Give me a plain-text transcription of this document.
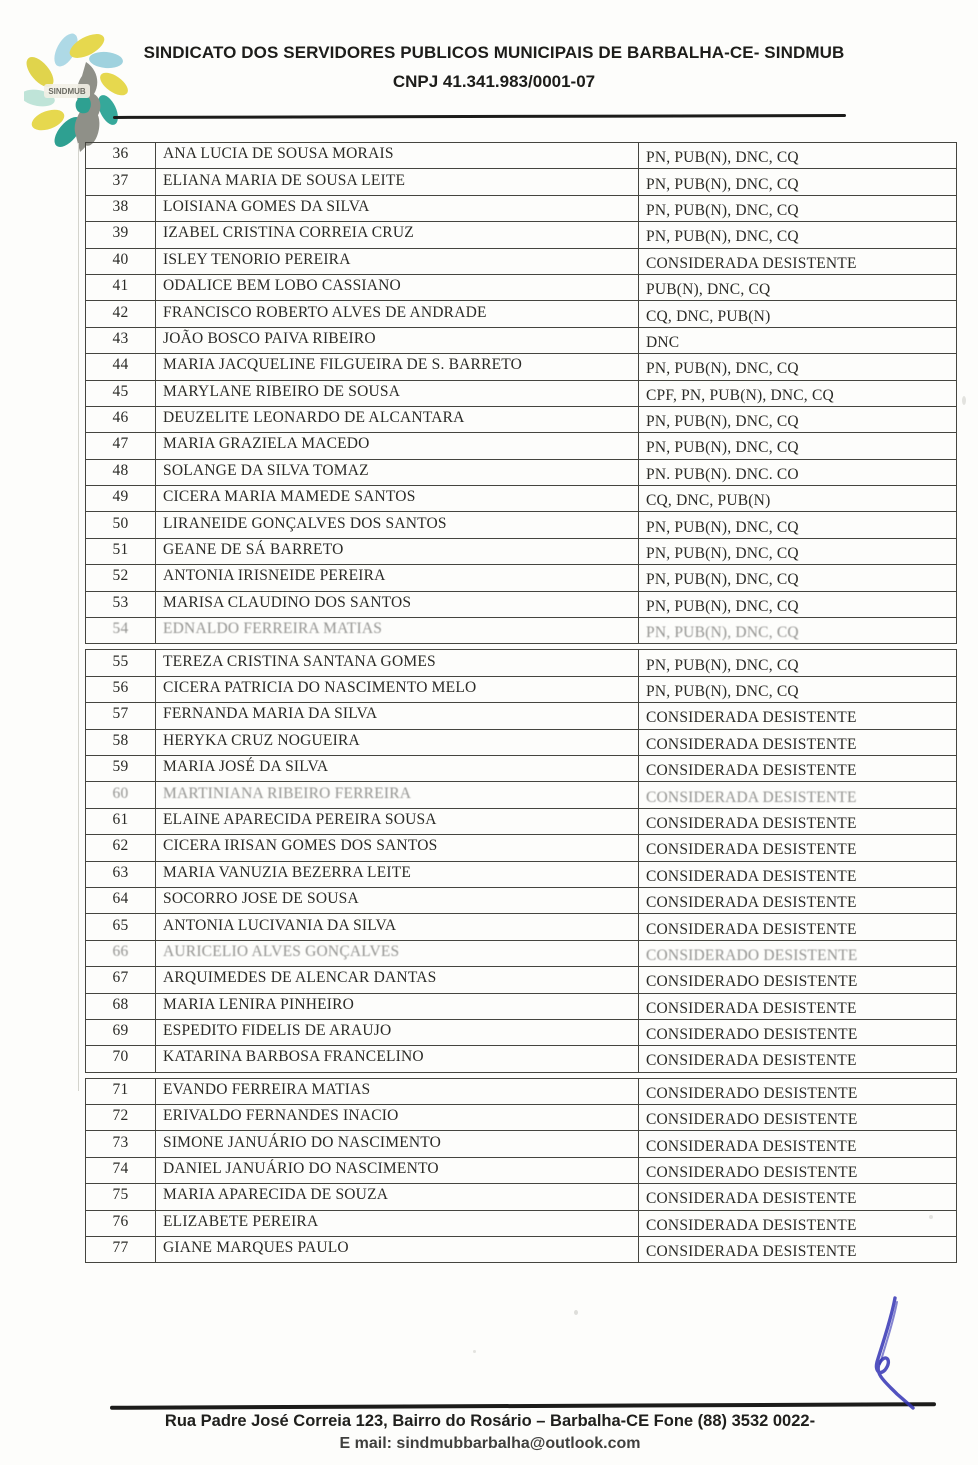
SINDMUB
SINDICATO DOS SERVIDORES PUBLICOS MUNICIPAIS DE BARBALHA-CE- SINDMUB
CNPJ 41.341.983/0001-07
36	ANA LUCIA DE SOUSA MORAIS	PN, PUB(N), DNC, CQ
37	ELIANA MARIA DE SOUSA LEITE	PN, PUB(N), DNC, CQ
38	LOISIANA GOMES DA SILVA	PN, PUB(N), DNC, CQ
39	IZABEL CRISTINA CORREIA CRUZ	PN, PUB(N), DNC, CQ
40	ISLEY TENORIO PEREIRA	CONSIDERADA DESISTENTE
41	ODALICE BEM LOBO CASSIANO	PUB(N), DNC, CQ
42	FRANCISCO ROBERTO ALVES DE ANDRADE	CQ, DNC, PUB(N)
43	JOÃO BOSCO PAIVA RIBEIRO	DNC
44	MARIA JACQUELINE FILGUEIRA DE S. BARRETO	PN, PUB(N), DNC, CQ
45	MARYLANE RIBEIRO DE SOUSA	CPF, PN, PUB(N), DNC, CQ
46	DEUZELITE LEONARDO DE ALCANTARA	PN, PUB(N), DNC, CQ
47	MARIA GRAZIELA MACEDO	PN, PUB(N), DNC, CQ
48	SOLANGE DA SILVA TOMAZ	PN. PUB(N). DNC. CO
49	CICERA MARIA MAMEDE SANTOS	CQ, DNC, PUB(N)
50	LIRANEIDE GONÇALVES DOS SANTOS	PN, PUB(N), DNC, CQ
51	GEANE DE SÁ BARRETO	PN, PUB(N), DNC, CQ
52	ANTONIA IRISNEIDE PEREIRA	PN, PUB(N), DNC, CQ
53	MARISA CLAUDINO DOS SANTOS	PN, PUB(N), DNC, CQ
54	EDNALDO FERREIRA MATIAS	PN, PUB(N), DNC, CQ

55	TEREZA CRISTINA SANTANA GOMES	PN, PUB(N), DNC, CQ
56	CICERA PATRICIA DO NASCIMENTO MELO	PN, PUB(N), DNC, CQ
57	FERNANDA MARIA DA SILVA	CONSIDERADA DESISTENTE
58	HERYKA CRUZ NOGUEIRA	CONSIDERADA DESISTENTE
59	MARIA JOSÉ DA SILVA	CONSIDERADA DESISTENTE
60	MARTINIANA RIBEIRO FERREIRA	CONSIDERADA DESISTENTE
61	ELAINE APARECIDA PEREIRA SOUSA	CONSIDERADA DESISTENTE
62	CICERA IRISAN GOMES DOS SANTOS	CONSIDERADA DESISTENTE
63	MARIA VANUZIA BEZERRA LEITE	CONSIDERADA DESISTENTE
64	SOCORRO JOSE DE SOUSA	CONSIDERADA DESISTENTE
65	ANTONIA LUCIVANIA DA SILVA	CONSIDERADA DESISTENTE
66	AURICELIO ALVES GONÇALVES	CONSIDERADO DESISTENTE
67	ARQUIMEDES DE ALENCAR DANTAS	CONSIDERADO DESISTENTE
68	MARIA LENIRA PINHEIRO	CONSIDERADA DESISTENTE
69	ESPEDITO FIDELIS DE ARAUJO	CONSIDERADO DESISTENTE
70	KATARINA BARBOSA FRANCELINO	CONSIDERADA DESISTENTE

71	EVANDO FERREIRA MATIAS	CONSIDERADO DESISTENTE
72	ERIVALDO FERNANDES INACIO	CONSIDERADO DESISTENTE
73	SIMONE JANUÁRIO DO NASCIMENTO	CONSIDERADA DESISTENTE
74	DANIEL JANUÁRIO DO NASCIMENTO	CONSIDERADO DESISTENTE
75	MARIA APARECIDA DE SOUZA	CONSIDERADA DESISTENTE
76	ELIZABETE PEREIRA	CONSIDERADA DESISTENTE
77	GIANE MARQUES PAULO	CONSIDERADA DESISTENTE
Rua Padre José Correia 123, Bairro do Rosário – Barbalha-CE Fone (88) 3532 0022-
E mail: sindmubbarbalha@outlook.com
